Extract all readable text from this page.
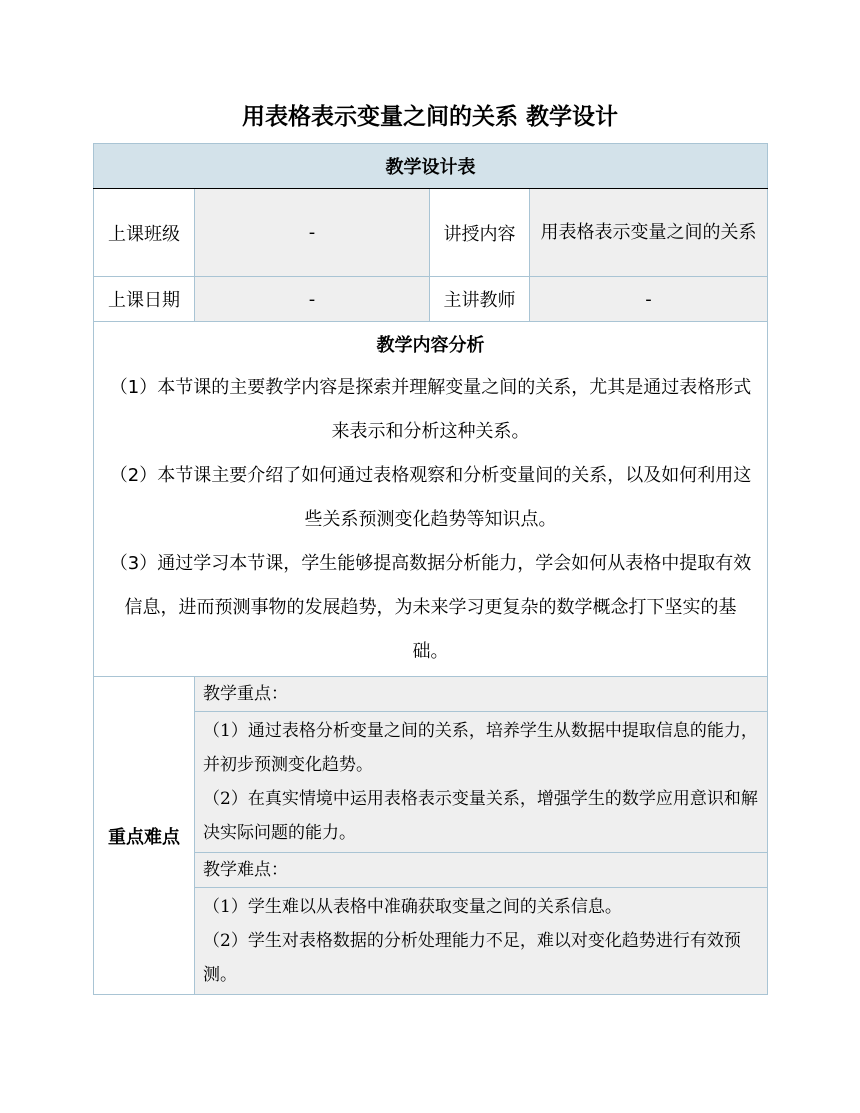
用表格表示变量之间的关系 教学设计
教学设计表			
上课班级	-	讲授内容	用表格表示变量之间的关系
上课日期	-	主讲教师	-

教学内容分析
（1）本节课的主要教学内容是探索并理解变量之间的关系，尤其是通过表格形式来表示和分析这种关系。
（2）本节课主要介绍了如何通过表格观察和分析变量间的关系，以及如何利用这些关系预测变化趋势等知识点。
（3）通过学习本节课，学生能够提高数据分析能力，学会如何从表格中提取有效信息，进而预测事物的发展趋势，为未来学习更复杂的数学概念打下坚实的基础。			

重点难点	教学重点：		

	（1）通过表格分析变量之间的关系，培养学生从数据中提取信息的能力，并初步预测变化趋势。
（2）在真实情境中运用表格表示变量关系，增强学生的数学应用意识和解决实际问题的能力。		

	教学难点：		

	（1）学生难以从表格中准确获取变量之间的关系信息。
（2）学生对表格数据的分析处理能力不足，难以对变化趋势进行有效预测。		
